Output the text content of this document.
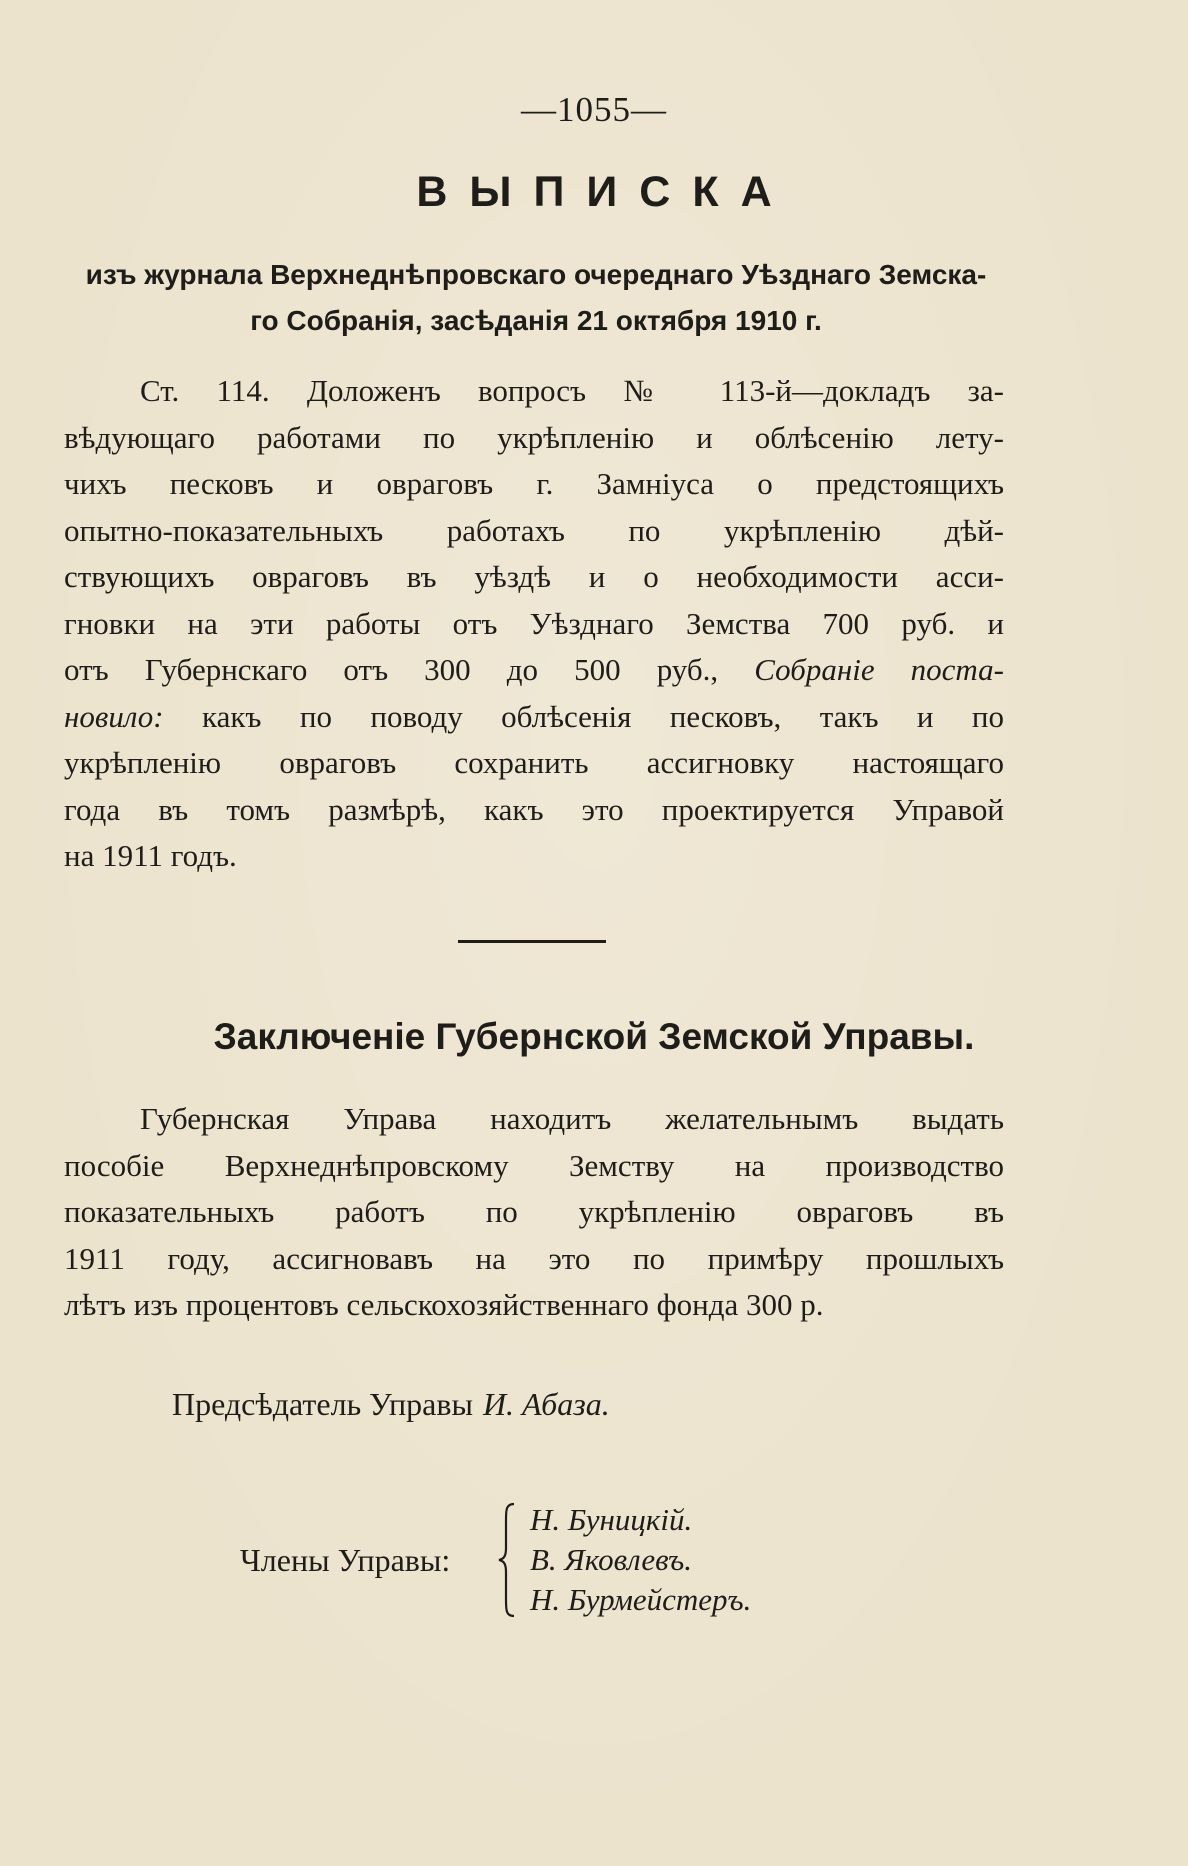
—1055—
ВЫПИСКА
изъ журнала Верхнеднѣпровскаго очереднаго Уѣзднаго Земска-
го Собранія, засѣданія 21 октября 1910 г.
Ст. 114. Доложенъ вопросъ № 113-й—докладъ за-
вѣдующаго работами по укрѣпленію и облѣсенію лету-
чихъ песковъ и овраговъ г. Замніуса о предстоящихъ
опытно-показательныхъ работахъ по укрѣпленію дѣй-
ствующихъ овраговъ въ уѣздѣ и о необходимости асси-
гновки на эти работы отъ Уѣзднаго Земства 700 руб. и
отъ Губернскаго отъ 300 до 500 руб., Собраніе поста-
новило: какъ по поводу облѣсенія песковъ, такъ и по
укрѣпленію овраговъ сохранить ассигновку настоящаго
года въ томъ размѣрѣ, какъ это проектируется Управой
на 1911 годъ.
Заключеніе Губернской Земской Управы.
Губернская Управа находитъ желательнымъ выдать
пособіе Верхнеднѣпровскому Земству на производство
показательныхъ работъ по укрѣпленію овраговъ въ
1911 году, ассигновавъ на это по примѣру прошлыхъ
лѣтъ изъ процентовъ сельскохозяйственнаго фонда 300 р.
Предсѣдатель Управы И. Абаза.
Члены Управы:
Н. Буницкій.
В. Яковлевъ.
Н. Бурмейстеръ.
